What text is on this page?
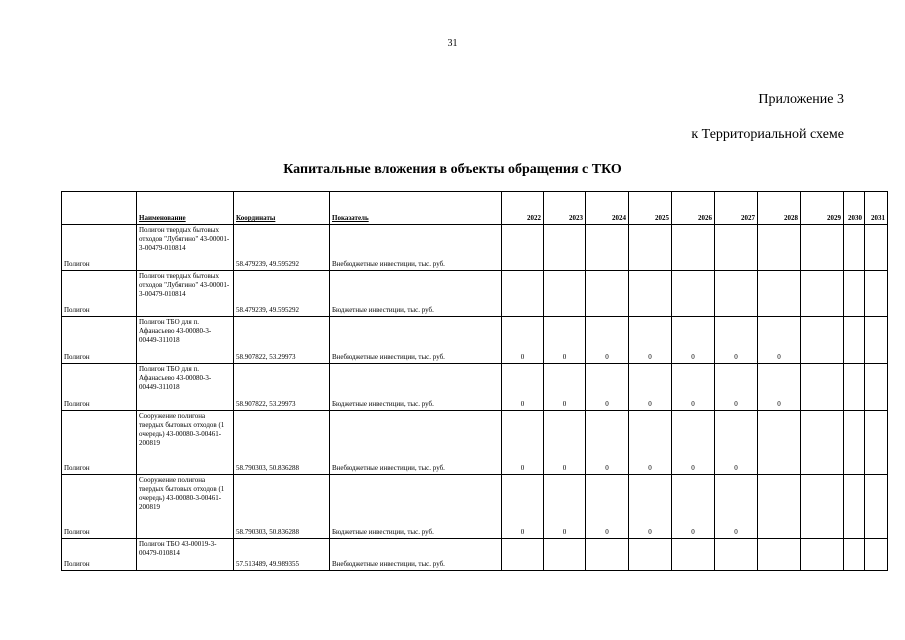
31
Приложение 3
к Территориальной схеме
Капитальные вложения в объекты обращения с ТКО
	Наименование	Координаты	Показатель	2022	2023	2024	2025	2026	2027	2028	2029	2030	2031
Полигон	Полигон твердых бытовых отходов "Лубягино" 43-00001-3-00479-010814	58.479239, 49.595292	Внебюджетные инвестиции, тыс. руб.										
Полигон	Полигон твердых бытовых отходов "Лубягино" 43-00001-3-00479-010814	58.479239, 49.595292	Бюджетные инвестиции, тыс. руб.										
Полигон	Полигон ТБО для п. Афанасьево 43-00080-3-00449-311018	58.907822, 53.29973	Внебюджетные инвестиции, тыс. руб.	0	0	0	0	0	0	0			
Полигон	Полигон ТБО для п. Афанасьево 43-00080-3-00449-311018	58.907822, 53.29973	Бюджетные инвестиции, тыс. руб.	0	0	0	0	0	0	0			
Полигон	Сооружение полигона твердых бытовых отходов (1 очередь) 43-00080-3-00461-200819	58.790303, 50.836288	Внебюджетные инвестиции, тыс. руб.	0	0	0	0	0	0				
Полигон	Сооружение полигона твердых бытовых отходов (1 очередь) 43-00080-3-00461-200819	58.790303, 50.836288	Бюджетные инвестиции, тыс. руб.	0	0	0	0	0	0				
Полигон	Полигон ТБО 43-00019-3-00479-010814	57.513489, 49.989355	Внебюджетные инвестиции, тыс. руб.										
